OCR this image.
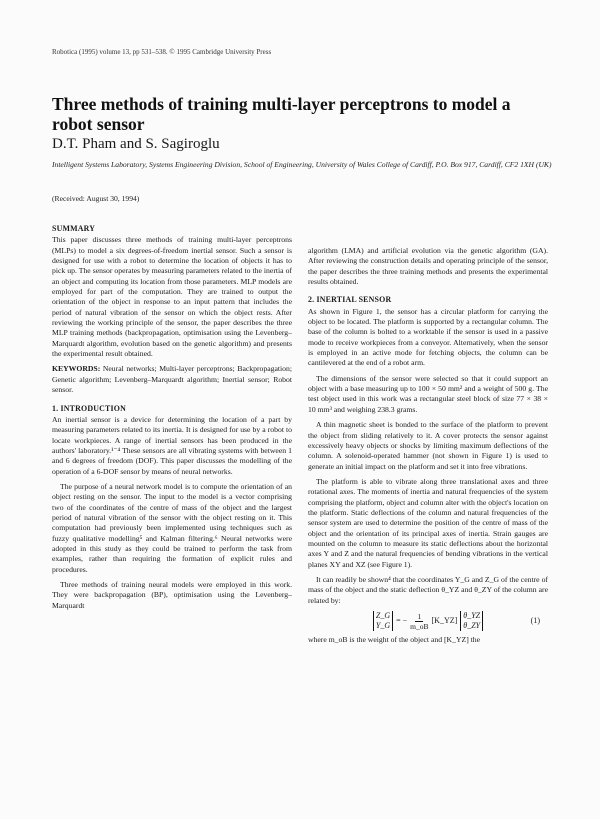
Robotica (1995) volume 13, pp 531–538. © 1995 Cambridge University Press
Three methods of training multi-layer perceptrons to model a robot sensor
D.T. Pham and S. Sagiroglu
Intelligent Systems Laboratory, Systems Engineering Division, School of Engineering, University of Wales College of Cardiff, P.O. Box 917, Cardiff, CF2 1XH (UK)
(Received: August 30, 1994)
SUMMARY

This paper discusses three methods of training multi-layer perceptrons (MLPs) to model a six degrees-of-freedom inertial sensor. Such a sensor is designed for use with a robot to determine the location of objects it has to pick up. The sensor operates by measuring parameters related to the inertia of an object and computing its location from those parameters. MLP models are employed for part of the computation. They are trained to output the orientation of the object in response to an input pattern that includes the period of natural vibration of the sensor on which the object rests. After reviewing the working principle of the sensor, the paper describes the three MLP training methods (backpropagation, optimisation using the Levenberg–Marquardt algorithm, evolution based on the genetic algorithm) and presents the experimental result obtained.

KEYWORDS: Neural networks; Multi-layer perceptrons; Backpropagation; Genetic algorithm; Levenberg–Marquardt algorithm; Inertial sensor; Robot sensor.

1. INTRODUCTION

An inertial sensor is a device for determining the location of a part by measuring parameters related to its inertia. It is designed for use by a robot to locate workpieces. A range of inertial sensors has been produced in the authors' laboratory.¹⁻⁴ These sensors are all vibrating systems with between 1 and 6 degrees of freedom (DOF). This paper discusses the modelling of the operation of a 6-DOF sensor by means of neural networks.

The purpose of a neural network model is to compute the orientation of an object resting on the sensor. The input to the model is a vector comprising two of the coordinates of the centre of mass of the object and the largest period of natural vibration of the sensor with the object resting on it. This computation had previously been implemented using techniques such as fuzzy qualitative modelling⁵ and Kalman filtering.⁶ Neural networks were adopted in this study as they could be trained to perform the task from examples, rather than requiring the formation of explicit rules and procedures.

Three methods of training neural models were employed in this work. They were backpropagation (BP), optimisation using the Levenberg–Marquardt

algorithm (LMA) and artificial evolution via the genetic algorithm (GA). After reviewing the construction details and operating principle of the sensor, the paper describes the three training methods and presents the experimental results obtained.

2. INERTIAL SENSOR

As shown in Figure 1, the sensor has a circular platform for carrying the object to be located. The platform is supported by a rectangular column. The base of the column is bolted to a worktable if the sensor is used in a passive mode to receive workpieces from a conveyor. Alternatively, when the sensor is employed in an active mode for fetching objects, the column can be cantilevered at the end of a robot arm.

The dimensions of the sensor were selected so that it could support an object with a base measuring up to 100 × 50 mm² and a weight of 500 g. The test object used in this work was a rectangular steel block of size 77 × 38 × 10 mm³ and weighing 238.3 grams.

A thin magnetic sheet is bonded to the surface of the platform to prevent the object from sliding relatively to it. A cover protects the sensor against excessively heavy objects or shocks by limiting maximum deflections of the column. A solenoid-operated hammer (not shown in Figure 1) is used to generate an initial impact on the platform and set it into free vibrations.

The platform is able to vibrate along three translational axes and three rotational axes. The moments of inertia and natural frequencies of the system comprising the platform, object and column alter with the object's location on the platform. Static deflections of the column and natural frequencies of the sensor system are used to determine the position of the centre of mass of the object and the orientation of its principal axes of inertia. Strain gauges are mounted on the column to measure its static deflections about the horizontal axes Y and Z and the natural frequencies of bending vibrations in the vertical planes XY and XZ (see Figure 1).

It can readily be shown⁴ that the coordinates Y_G and Z_G of the centre of mass of the object and the static deflection θ_YZ and θ_ZY of the column are related by:

Z_G
Y_G
= − $\frac{1}{m\_oB}$ [K_YZ]
θ_YZ
θ_ZY
(1)

where m_oB is the weight of the object and [K_YZ] the
